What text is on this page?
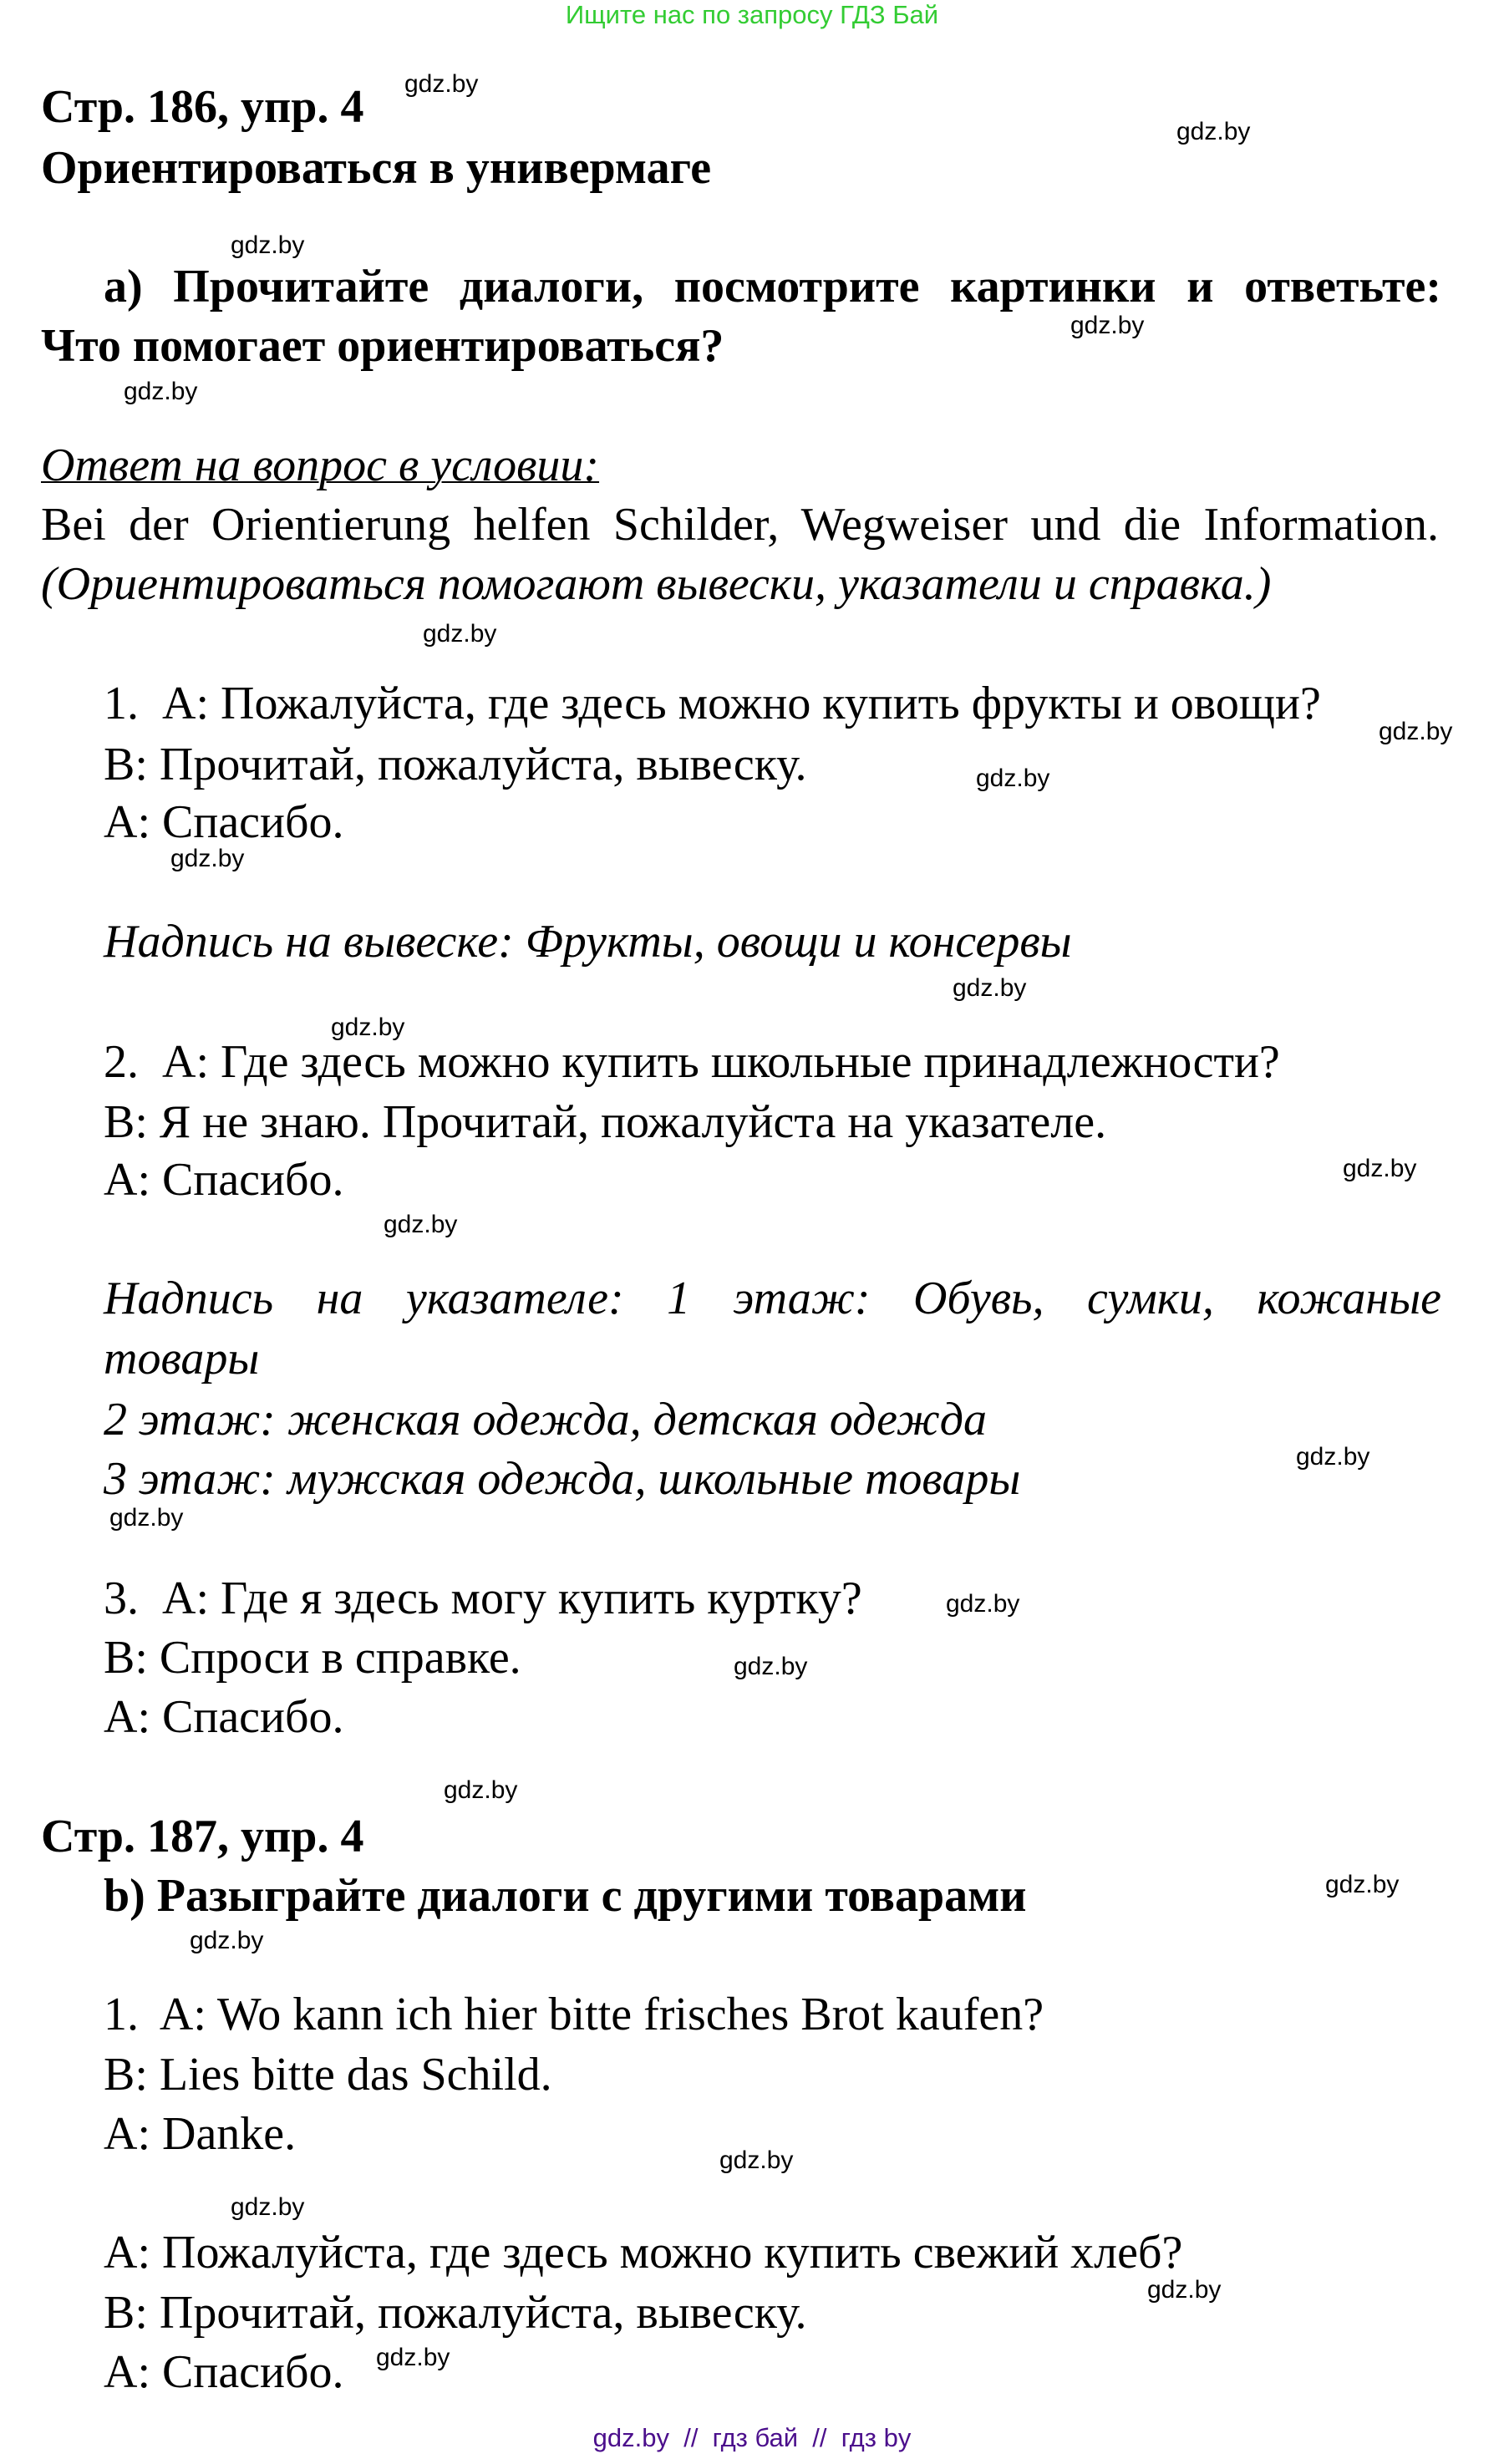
Ищите нас по запросу ГДЗ Бай
Стр. 186, упр. 4
Ориентироваться в универмаге
а) Прочитайте диалоги, посмотрите картинки и ответьте:
Что помогает ориентироваться?
Ответ на вопрос в условии:
Bei der Orientierung helfen Schilder, Wegweiser und die Information.
(Ориентироваться помогают вывески, указатели и справка.)
1.  А: Пожалуйста, где здесь можно купить фрукты и овощи?
В: Прочитай, пожалуйста, вывеску.
А: Спасибо.
Надпись на вывеске: Фрукты, овощи и консервы
2.  А: Где здесь можно купить школьные принадлежности?
В: Я не знаю. Прочитай, пожалуйста на указателе.
А: Спасибо.
Надпись на указателе: 1 этаж: Обувь, сумки, кожаные
товары
2 этаж: женская одежда, детская одежда
3 этаж: мужская одежда, школьные товары
3.  А: Где я здесь могу купить куртку?
В: Спроси в справке.
А: Спасибо.
Стр. 187, упр. 4
b) Разыграйте диалоги с другими товарами
1.  A: Wo kann ich hier bitte frisches Brot kaufen?
B: Lies bitte das Schild.
A: Danke.
А: Пожалуйста, где здесь можно купить свежий хлеб?
В: Прочитай, пожалуйста, вывеску.
А: Спасибо.
gdz.by
gdz.by
gdz.by
gdz.by
gdz.by
gdz.by
gdz.by
gdz.by
gdz.by
gdz.by
gdz.by
gdz.by
gdz.by
gdz.by
gdz.by
gdz.by
gdz.by
gdz.by
gdz.by
gdz.by
gdz.by
gdz.by
gdz.by
gdz.by
gdz.by  //  гдз бай  //  гдз by
